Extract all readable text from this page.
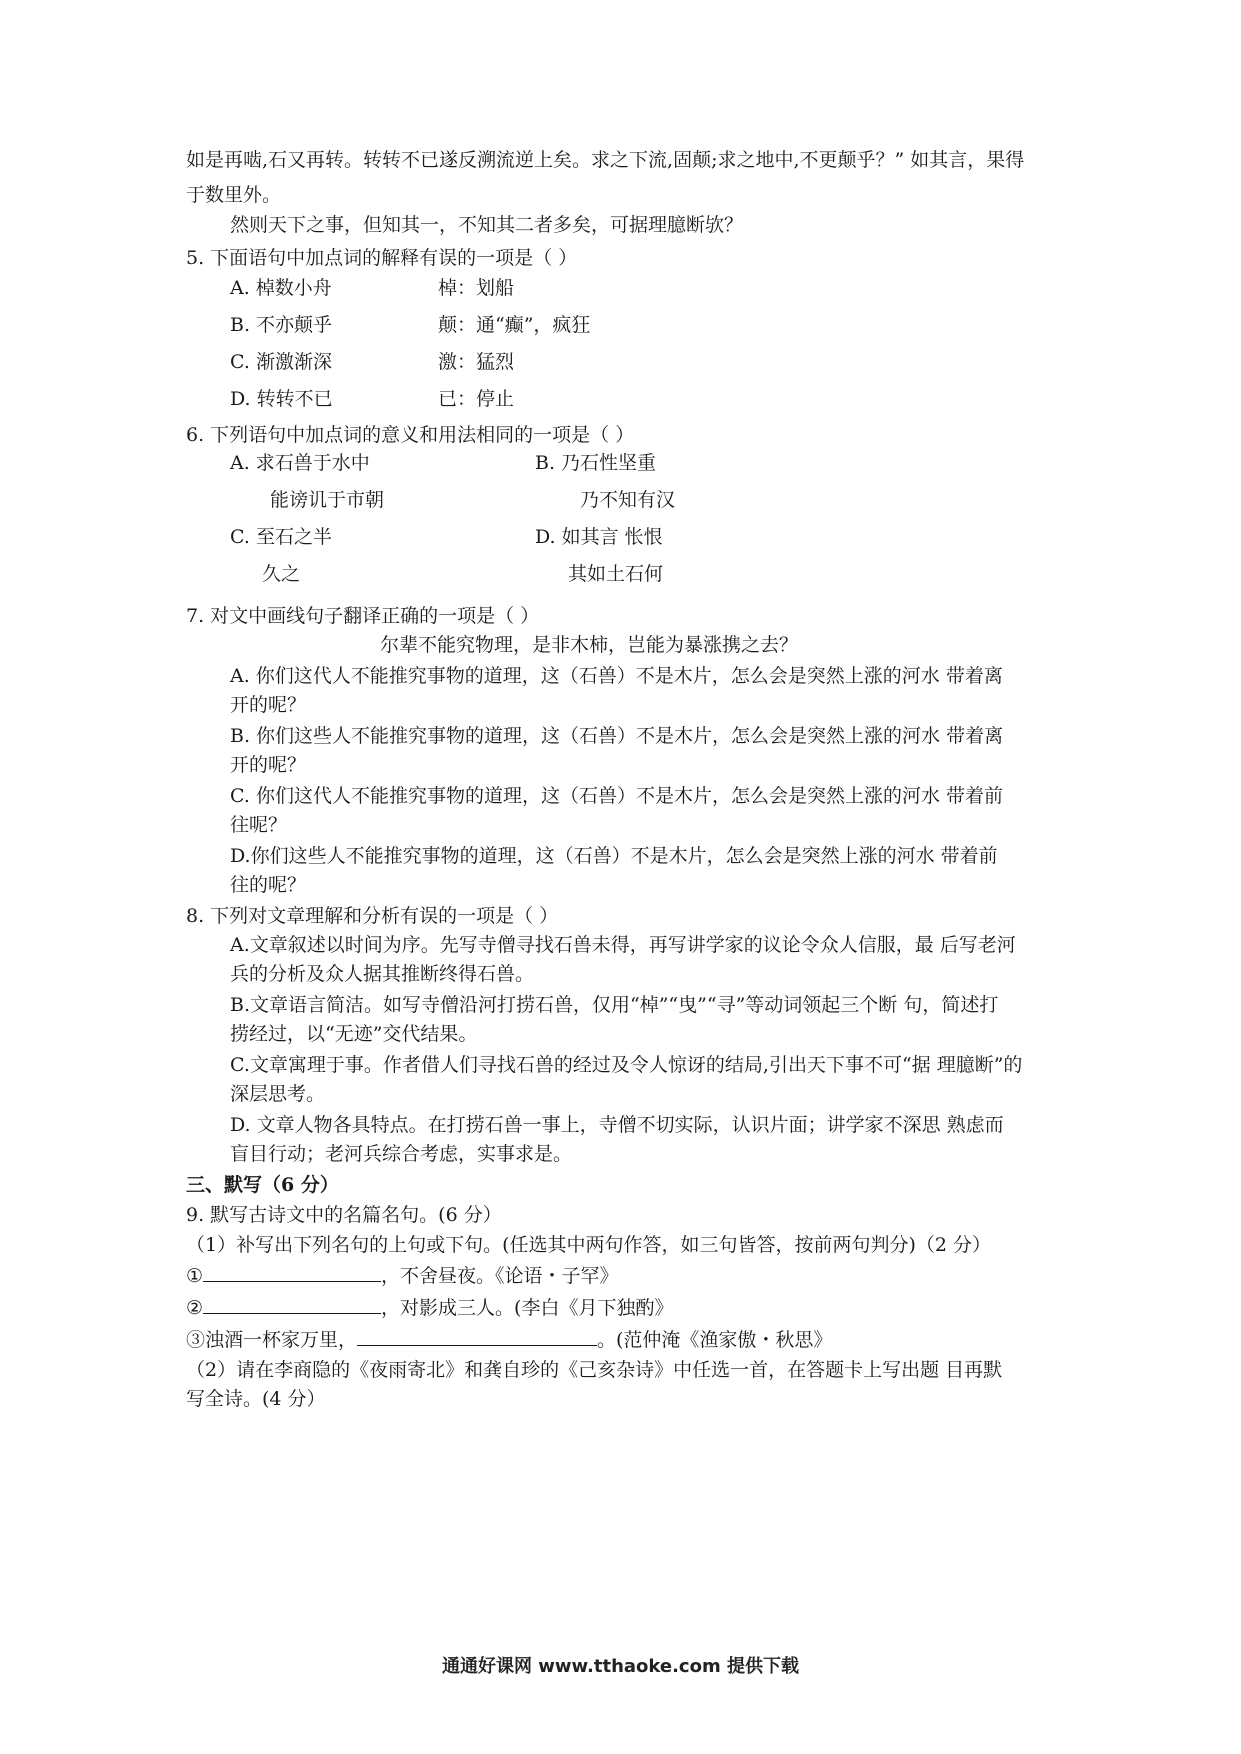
如是再啮,石又再转。转转不已遂反溯流逆上矣。求之下流,固颠;求之地中,不更颠乎？” 如其言，果得
于数里外。
然则天下之事，但知其一，不知其二者多矣，可据理臆断欤？
5. 下面语句中加点词的解释有误的一项是（ ）
A. 棹数小舟	棹：划船
B. 不亦颠乎	颠：通“癫”，疯狂
C. 渐激渐深	激：猛烈
D. 转转不已	已：停止
6. 下列语句中加点词的意义和用法相同的一项是（ ）
A. 求石兽于水中	B. 乃石性坚重
能谤讥于市朝	乃不知有汉
C. 至石之半	D. 如其言 怅恨
久之	其如土石何
7. 对文中画线句子翻译正确的一项是（ ）
尔辈不能究物理，是非木柿，岂能为暴涨携之去？
A. 你们这代人不能推究事物的道理，这（石兽）不是木片，怎么会是突然上涨的河水 带着离
开的呢？
B. 你们这些人不能推究事物的道理，这（石兽）不是木片，怎么会是突然上涨的河水 带着离
开的呢？
C. 你们这代人不能推究事物的道理，这（石兽）不是木片，怎么会是突然上涨的河水 带着前
往呢？
D.你们这些人不能推究事物的道理，这（石兽）不是木片，怎么会是突然上涨的河水 带着前
往的呢？
8. 下列对文章理解和分析有误的一项是（ ）
A.文章叙述以时间为序。先写寺僧寻找石兽未得，再写讲学家的议论令众人信服，最 后写老河
兵的分析及众人据其推断终得石兽。
B.文章语言简洁。如写寺僧沿河打捞石兽，仅用“棹”“曳”“寻”等动词领起三个断 句，简述打
捞经过，以“无迹”交代结果。
C.文章寓理于事。作者借人们寻找石兽的经过及令人惊讶的结局,引出天下事不可“据 理臆断”的
深层思考。
D. 文章人物各具特点。在打捞石兽一事上，寺僧不切实际，认识片面；讲学家不深思 熟虑而
盲目行动；老河兵综合考虑，实事求是。
三、默写（6 分）
9. 默写古诗文中的名篇名句。(6 分）
（1）补写出下列名句的上句或下句。(任选其中两句作答，如三句皆答，按前两句判分)（2 分）
①	，不舍昼夜。《论语・子罕》
②	，对影成三人。(李白《月下独酌》
③浊酒一杯家万里，	。(范仲淹《渔家傲・秋思》
（2）请在李商隐的《夜雨寄北》和龚自珍的《己亥杂诗》中任选一首，在答题卡上写出题 目再默
写全诗。(4 分）
通通好课网 www.tthaoke.com 提供下载
